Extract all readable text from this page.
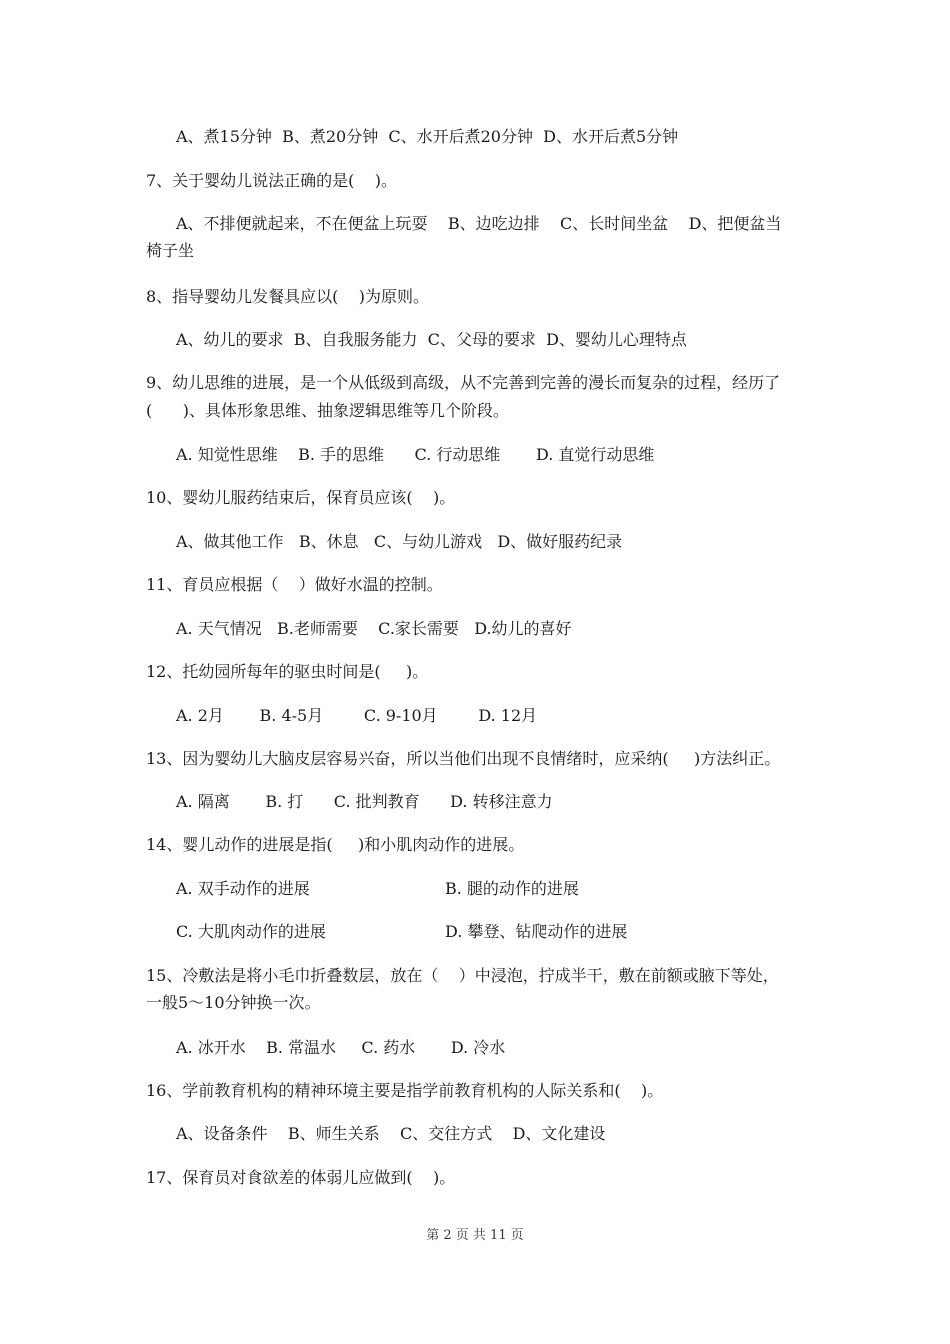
A、煮15分钟  B、煮20分钟  C、水开后煮20分钟  D、水开后煮5分钟
7、关于婴幼儿说法正确的是(    )。
A、不排便就起来，不在便盆上玩耍    B、边吃边排    C、长时间坐盆    D、把便盆当
椅子坐
8、指导婴幼儿发餐具应以(    )为原则。
A、幼儿的要求  B、自我服务能力  C、父母的要求  D、婴幼儿心理特点
9、幼儿思维的进展，是一个从低级到高级，从不完善到完善的漫长而复杂的过程，经历了
(      )、具体形象思维、抽象逻辑思维等几个阶段。
A. 知觉性思维    B. 手的思维      C. 行动思维       D. 直觉行动思维
10、婴幼儿服药结束后，保育员应该(    )。
A、做其他工作   B、休息   C、与幼儿游戏   D、做好服药纪录
11、育员应根据（    ）做好水温的控制。
A. 天气情况   B.老师需要    C.家长需要   D.幼儿的喜好
12、托幼园所每年的驱虫时间是(     )。
A. 2月       B. 4-5月        C. 9-10月        D. 12月
13、因为婴幼儿大脑皮层容易兴奋，所以当他们出现不良情绪时，应采纳(     )方法纠正。
A. 隔离       B. 打      C. 批判教育      D. 转移注意力
14、婴儿动作的进展是指(     )和小肌肉动作的进展。
A. 双手动作的进展	B. 腿的动作的进展
C. 大肌肉动作的进展	D. 攀登、钻爬动作的进展
15、冷敷法是将小毛巾折叠数层，放在（    ）中浸泡，拧成半干，敷在前额或腋下等处，
一般5～10分钟换一次。
A. 冰开水    B. 常温水     C. 药水       D. 冷水
16、学前教育机构的精神环境主要是指学前教育机构的人际关系和(    )。
A、设备条件    B、师生关系    C、交往方式    D、文化建设
17、保育员对食欲差的体弱儿应做到(    )。
第 2 页 共 11 页
